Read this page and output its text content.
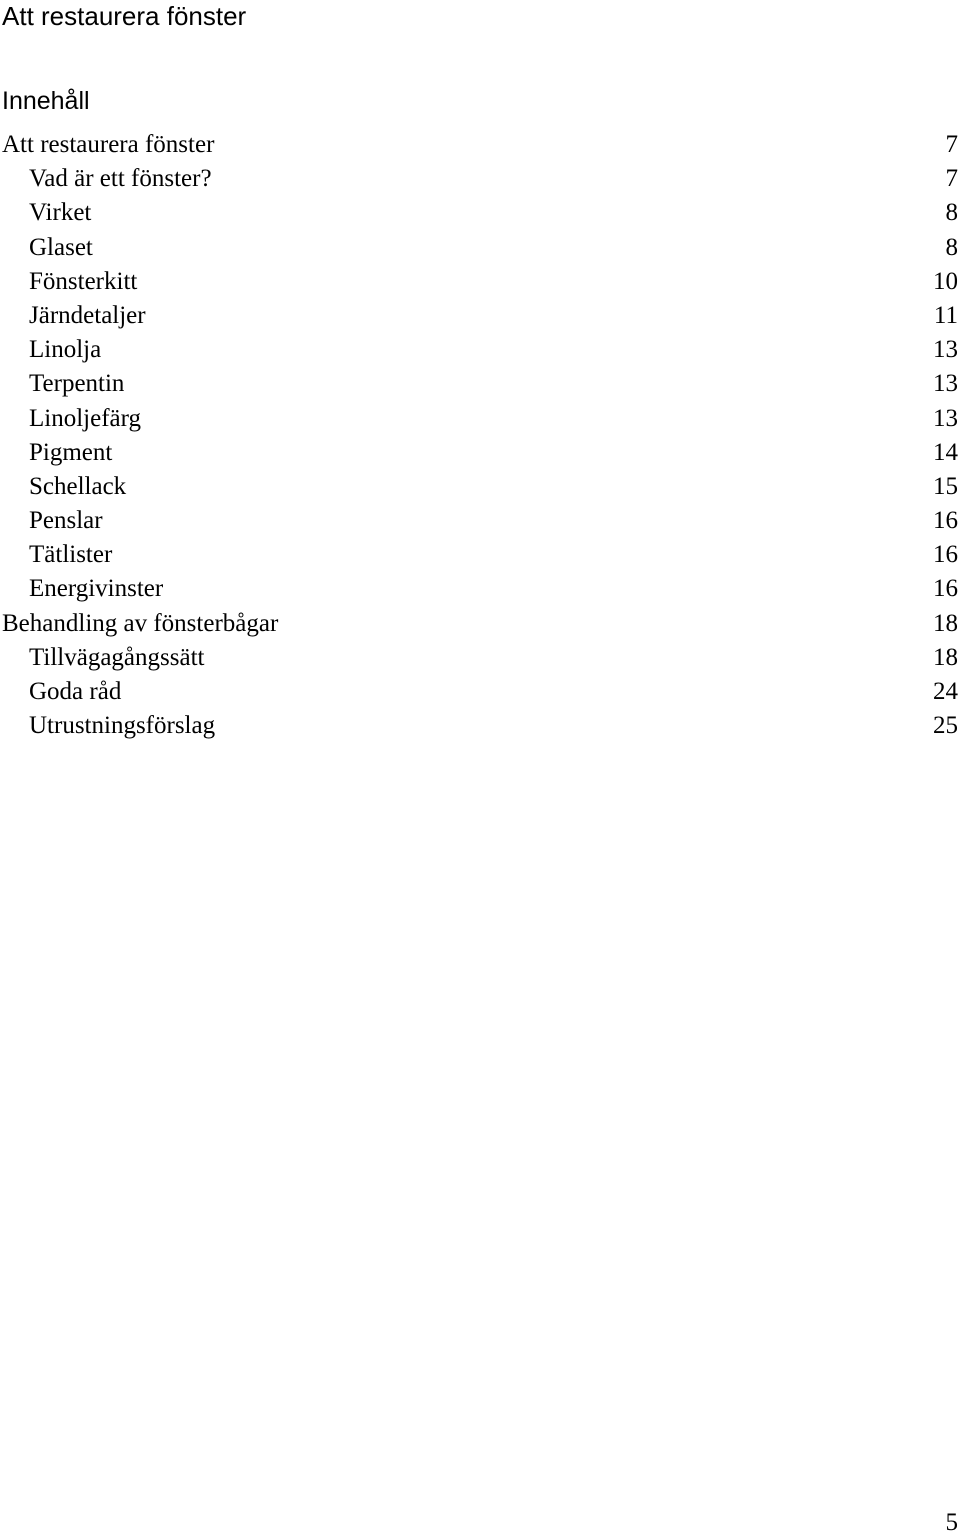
Att restaurera fönster
Innehåll
Att restaurera fönster	7
Vad är ett fönster?	7
Virket	8
Glaset	8
Fönsterkitt	10
Järndetaljer	11
Linolja	13
Terpentin	13
Linoljefärg	13
Pigment	14
Schellack	15
Penslar	16
Tätlister	16
Energivinster	16
Behandling av fönsterbågar	18
Tillvägagångssätt	18
Goda råd	24
Utrustningsförslag	25
5
